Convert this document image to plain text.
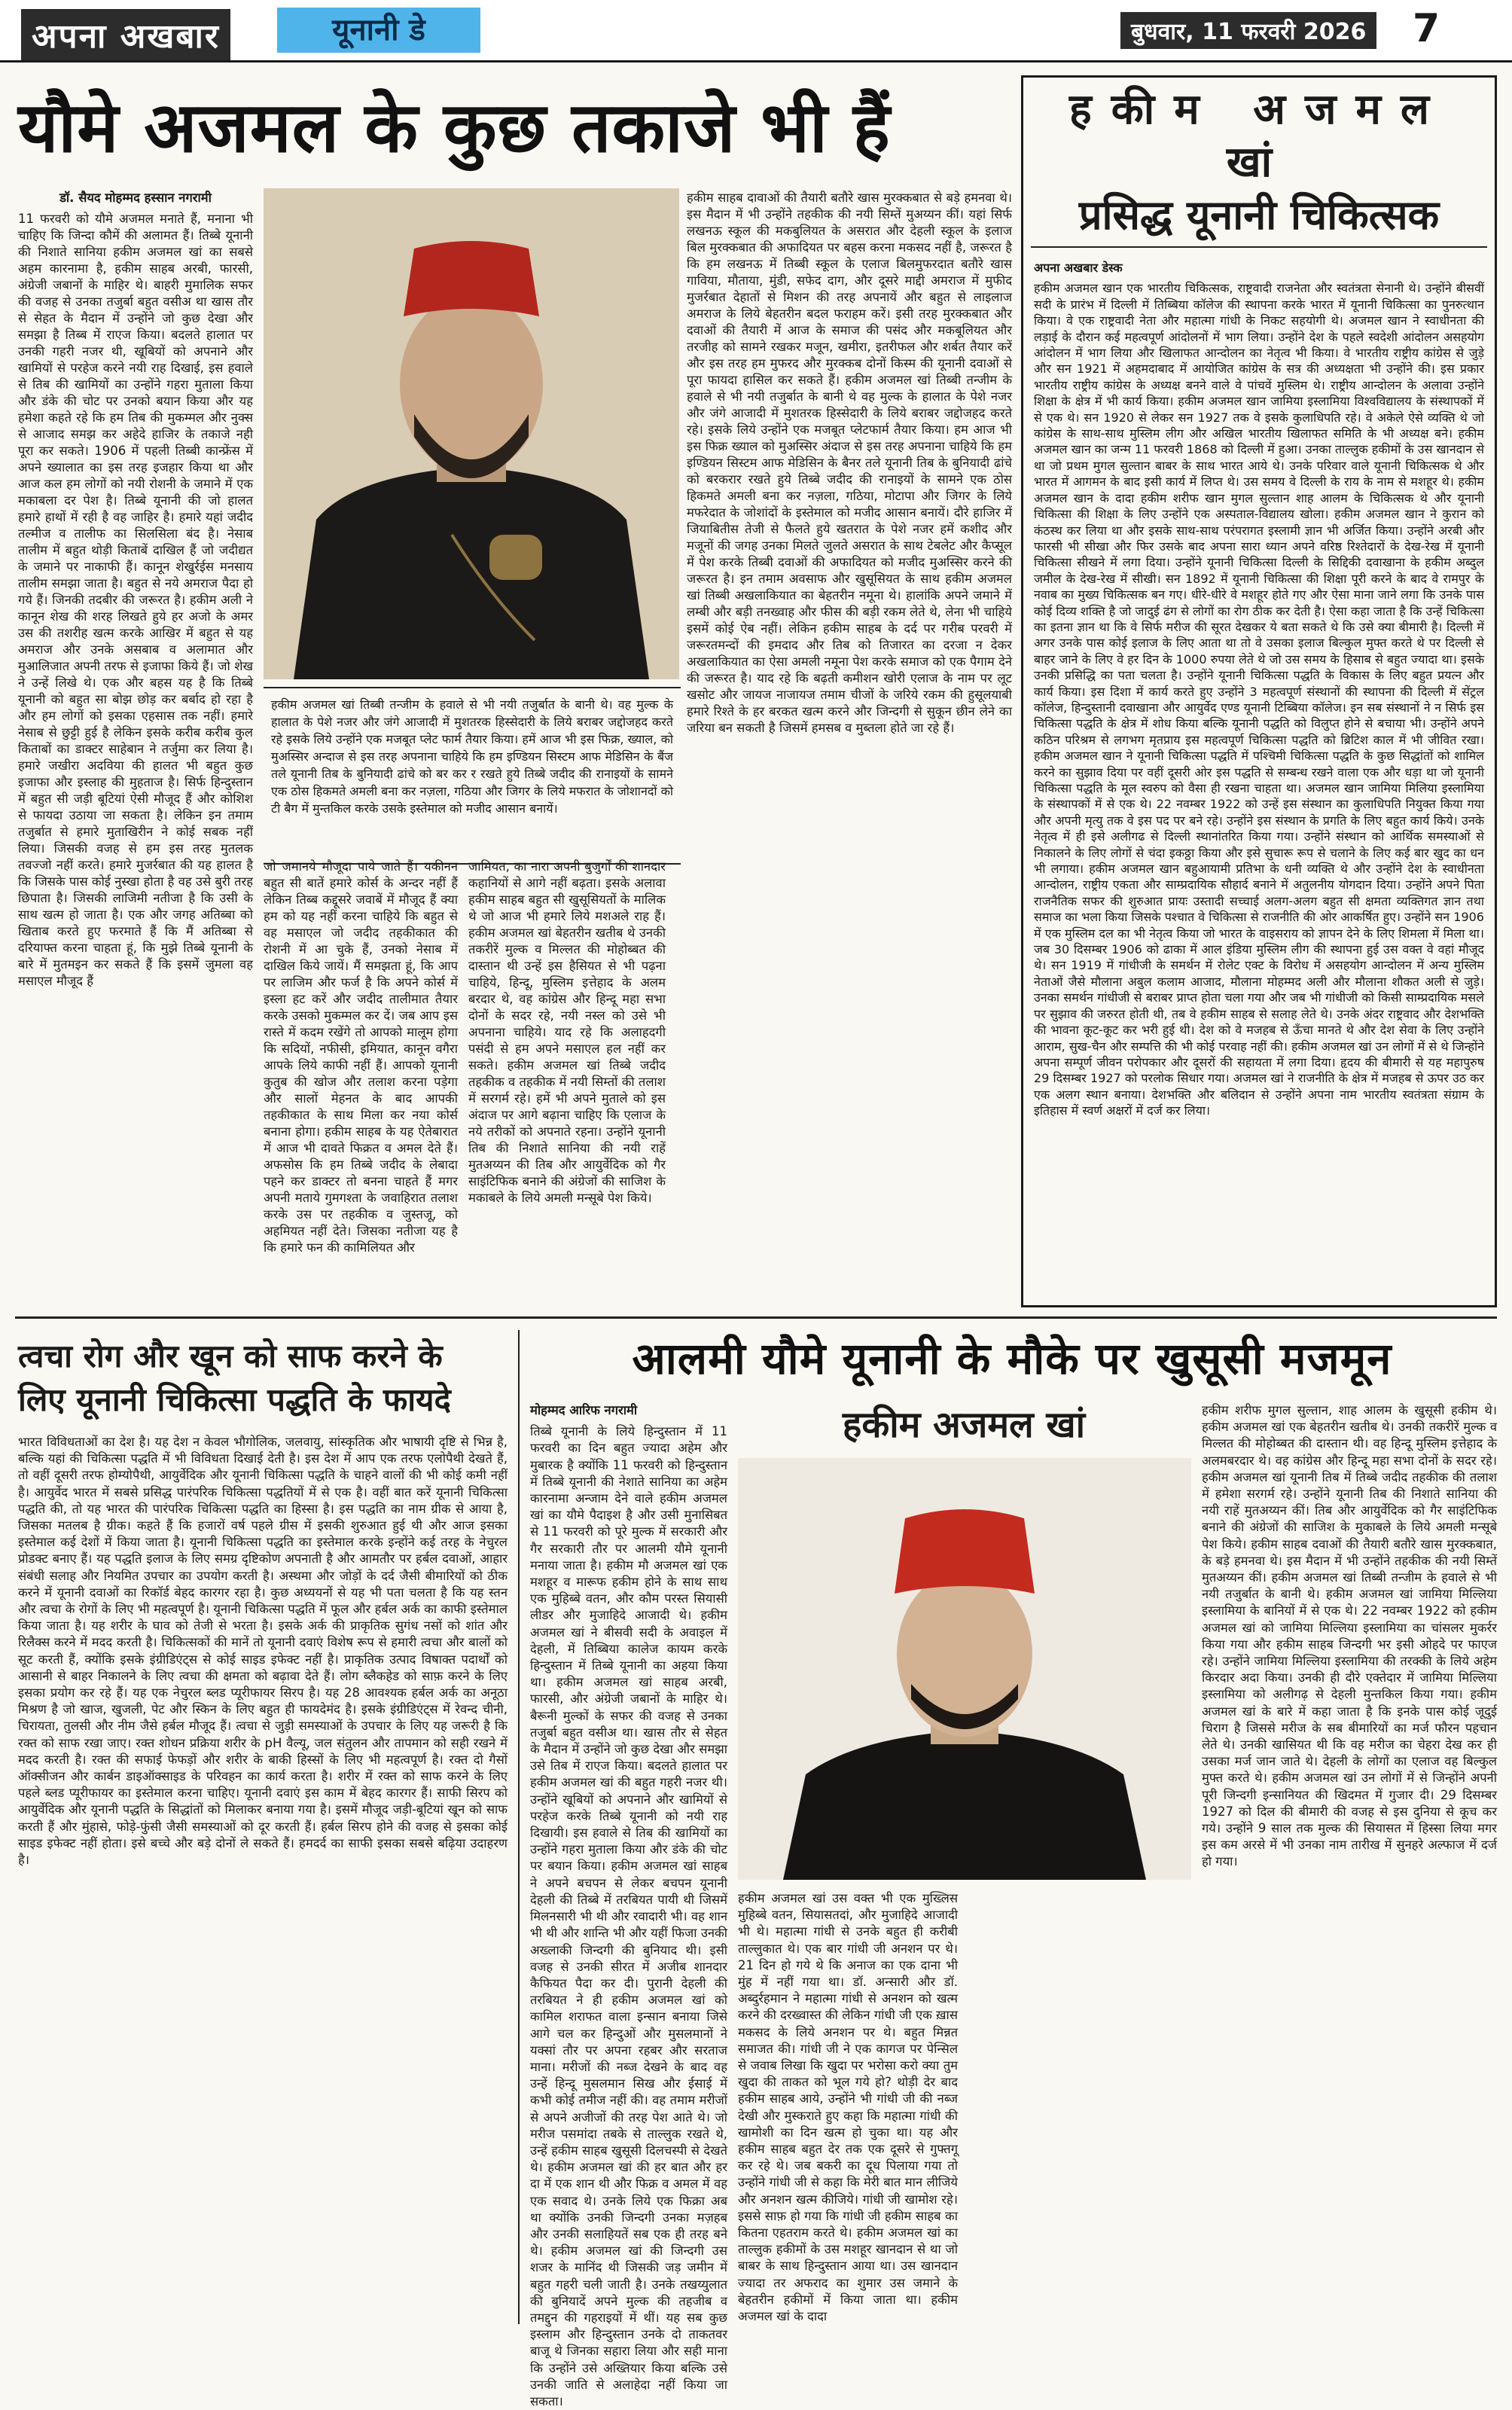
अपना अखबार	यूनानी डे	बुधवार, 11 फरवरी 2026 7
यौमे अजमल के कुछ तकाजे भी हैं

डॉ. सैयद मोहम्मद हस्सान नगरामी

11 फरवरी को यौमे अजमल मनाते हैं, मनाना भी चाहिए कि जिन्दा कौमें की अलामत हैं। तिब्बे यूनानी की निशाते सानिया हकीम अजमल खां का सबसे अहम कारनामा है, हकीम साहब अरबी, फारसी, अंग्रेजी जबानों के माहिर थे। बाहरी मुमालिक सफर की वजह से उनका तजुर्बा बहुत वसीअ था खास तौर से सेहत के मैदान में उन्होंने जो कुछ देखा और समझा है तिब्ब में राएज किया। बदलते हालात पर उनकी गहरी नजर थी, खूबियों को अपनाने और खामियों से परहेज करने नयी राह दिखाई, इस हवाले से तिब की खामियों का उन्होंने गहरा मुताला किया और डंके की चोट पर उनको बयान किया और यह हमेशा कहते रहे कि हम तिब की मुकम्मल और नुक्स से आजाद समझ कर अहेदे हाजिर के तकाजे नही पूरा कर सकते। 1906 में पहली तिब्बी कान्फ्रेंस में अपने ख्यालात का इस तरह इजहार किया था और आज कल हम लोगों को नयी रोशनी के जमाने में एक मकाबला दर पेश है। तिब्बे यूनानी की जो हालत हमारे हाथों में रही है वह जाहिर है। हमारे यहां जदीद तल्मीज व तालीफ का सिलसिला बंद है। नेसाब तालीम में बहुत थोड़ी किताबें दाखिल हैं जो जदीद्यत के जमाने पर नाकाफी हैं। कानून शेखुर्रईस मनसाय तालीम समझा जाता है। बहुत से नये अमराज पैदा हो गये हैं। जिनकी तदबीर की जरूरत है। हकीम अली ने कानून शेख की शरह लिखते हुये हर अजो के अमर उस की तशरीह खत्म करके आखिर में बहुत से यह अमराज और उनके असबाब व अलामात और मुआलिजात अपनी तरफ से इजाफा किये हैं। जो शेख ने उन्हें लिखे थे। एक और बहस यह है कि तिब्बे यूनानी को बहुत सा बोझ छोड़ कर बर्बाद हो रहा है और हम लोगों को इसका एहसास तक नहीं। हमारे नेसाब से छुट्टी हुई है लेकिन इसके करीब करीब कुल किताबों का डाक्टर साहेबान ने तर्जुमा कर लिया है। हमारे जखीरा अदविया की हालत भी बहुत कुछ इजाफा और इस्लाह की मुहताज है। सिर्फ हिन्दुस्तान में बहुत सी जड़ी बूटियां ऐसी मौजूद हैं और कोशिश से फायदा उठाया जा सकता है। लेकिन इन तमाम तजुर्बात से हमारे मुताखिरीन ने कोई सबक नहीं लिया। जिसकी वजह से हम इस तरह मुतलक तवज्जो नहीं करते। हमारे मुजर्रबात की यह हालत है कि जिसके पास कोई नुस्खा होता है वह उसे बुरी तरह छिपाता है। जिसकी लाजिमी नतीजा है कि उसी के साथ खत्म हो जाता है। एक और जगह अतिब्बा को खिताब करते हुए फरमाते हैं कि मैं अतिब्बा से दरियाफ्त करना चाहता हूं, कि मुझे तिब्बे यूनानी के बारे में मुतमइन कर सकते हैं कि इसमें जुमला वह मसाएल मौजूद हैं

हकीम अजमल खां तिब्बी तन्जीम के हवाले से भी नयी तजुर्बात के बानी थे। वह मुल्क के हालात के पेशे नजर और जंगे आजादी में मुशतरक हिस्सेदारी के लिये बराबर जद्दोजहद करते रहे इसके लिये उन्होंने एक मजबूत प्लेट फार्म तैयार किया। हमें आज भी इस फिक्र, ख्याल, को मुअस्सिर अन्दाज से इस तरह अपनाना चाहिये कि हम इण्डियन सिस्टम आफ मेडिसिन के बैंज तले यूनानी तिब के बुनियादी ढांचे को बर कर र रखते हुये तिब्बे जदीद की रानाइयों के सामने एक ठोस हिकमते अमली बना कर नज़ला, गठिया और जिगर के लिये मफरात के जोशानदों को टी बैग में मुन्तकिल करके उसके इस्तेमाल को मजीद आसान बनायें।

जो जमानये मौजूदा पाये जाते हैं। यकीनन बहुत सी बातें हमारे कोर्स के अन्दर नहीं हैं लेकिन तिब्ब कद्दूसरे जवाबें में मौजूद हैं क्या हम को यह नहीं करना चाहिये कि बहुत से वह मसाएल जो जदीद तहकीकात की रोशनी में आ चुके हैं, उनको नेसाब में दाखिल किये जायें। मैं समझता हूं, कि आप पर लाजिम और फर्ज है कि अपने कोर्स में इस्ला हट करें और जदीद तालीमात तैयार करके उसको मुकम्मल कर दें। जब आप इस रास्ते में कदम रखेंगे तो आपको मालूम होगा कि सदियों, नफीसी, इमियात, कानून वगैरा आपके लिये काफी नहीं हैं। आपको यूनानी कुतुब की खोज और तलाश करना पड़ेगा और सालों मेहनत के बाद आपकी तहकीकात के साथ मिला कर नया कोर्स बनाना होगा। हकीम साहब के यह ऐतेबारात में आज भी दावते फिक्रत व अमल देते हैं। अफसोस कि हम तिब्बे जदीद के लेबादा पहने कर डाक्टर तो बनना चाहते हैं मगर अपनी मताये गुमगश्ता के जवाहिरात तलाश करके उस पर तहकीक व जुस्तजू, को अहमियत नहीं देते। जिसका नतीजा यह है कि हमारे फन की कामिलियत और

जामियत, का नारा अपनी बुजुर्गों की शानदार कहानियों से आगे नहीं बढ़ता। इसके अलावा हकीम साहब बहुत सी खुसूसियतों के मालिक थे जो आज भी हमारे लिये मशअले राह हैं। हकीम अजमल खां बेहतरीन खतीब थे उनकी तकरीरें मुल्क व मिल्लत की मोहोब्बत की दास्तान थी उन्हें इस हैसियत से भी पढ़ना चाहिये, हिन्दू, मुस्लिम इत्तेहाद के अलम बरदार थे, वह कांग्रेस और हिन्दू महा सभा दोनों के सदर रहे, नयी नस्ल को उसे भी अपनाना चाहिये। याद रहे कि अलाहदगी पसंदी से हम अपने मसाएल हल नहीं कर सकते। हकीम अजमल खां तिब्बे जदीद तहकीक व तहकीक में नयी सिम्तों की तलाश में सरगर्म रहे। हमें भी अपने मुताले को इस अंदाज पर आगे बढ़ाना चाहिए कि एलाज के नये तरीकों को अपनाते रहना। उन्होंने यूनानी तिब की निशाते सानिया की नयी राहें मुतअय्यन की तिब और आयुर्वेदिक को गैर साइंटिफिक बनाने की अंग्रेजों की साजिश के मकाबले के लिये अमली मन्सूबे पेश किये।

हकीम साहब दावाओं की तैयारी बतौरे खास मुरक्कबात से बड़े हमनवा थे। इस मैदान में भी उन्होंने तहकीक की नयी सिम्तें मुअय्यन कीं। यहां सिर्फ लखनऊ स्कूल की मकबुलियत के असरात और देहली स्कूल के इलाज बिल मुरक्कबात की अफादियत पर बहस करना मकसद नहीं है, जरूरत है कि हम लखनऊ में तिब्बी स्कूल के एलाज बिलमुफरदात बतौरे खास गाविया, मौताया, मुंडी, सफेद दाग, और दूसरे माद्दी अमराज में मुफीद मुजर्रबात देहातों से मिशन की तरह अपनायें और बहुत से लाइलाज अमराज के लिये बेहतरीन बदल फराहम करें। इसी तरह मुरक्कबात और दवाओं की तैयारी में आज के समाज की पसंद और मकबूलियत और तरजीह को सामने रखकर मजून, खमीरा, इतरीफल और शर्बत तैयार करें और इस तरह हम मुफरद और मुरक्कब दोनों किस्म की यूनानी दवाओं से पूरा फायदा हासिल कर सकते हैं। हकीम अजमल खां तिब्बी तन्जीम के हवाले से भी नयी तजुर्बात के बानी थे वह मुल्क के हालात के पेशे नजर और जंगे आजादी में मुशतरक हिस्सेदारी के लिये बराबर जद्दोजहद करते रहे। इसके लिये उन्होंने एक मजबूत प्लेटफार्म तैयार किया। हम आज भी इस फिक्र ख्याल को मुअस्सिर अंदाज से इस तरह अपनाना चाहिये कि हम इण्डियन सिस्टम आफ मेडिसिन के बैनर तले यूनानी तिब के बुनियादी ढांचे को बरकरार रखते हुये तिब्बे जदीद की रानाइयों के सामने एक ठोस हिकमते अमली बना कर नज़ला, गठिया, मोटापा और जिगर के लिये मफरेदात के जोशांदों के इस्तेमाल को मजीद आसान बनायें। दौरे हाजिर में जियाबितीस तेजी से फैलते हुये खतरात के पेशे नजर हमें कशीद और मजूनों की जगह उनका मिलते जुलते असरात के साथ टेबलेट और कैप्सूल में पेश करके तिब्बी दवाओं की अफादियत को मजीद मुअस्सिर करने की जरूरत है। इन तमाम अवसाफ और खुसूसियत के साथ हकीम अजमल खां तिब्बी अखलाकियात का बेहतरीन नमूना थे। हालांकि अपने जमाने में लम्बी और बड़ी तनख्वाह और फीस की बड़ी रकम लेते थे, लेना भी चाहिये इसमें कोई ऐब नहीं। लेकिन हकीम साहब के दर्द पर गरीब परवरी में जरूरतमन्दों की इमदाद और तिब को तिजारत का दरजा न देकर अखलाकियात का ऐसा अमली नमूना पेश करके समाज को एक पैगाम देने की जरूरत है। याद रहे कि बढ़ती कमीशन खोरी एलाज के नाम पर लूट खसोट और जायज नाजायज तमाम चीजों के जरिये रकम की हुसूलयाबी हमारे रिश्ते के हर बरकत खत्म करने और जिन्दगी से सुकून छीन लेने का जरिया बन सकती है जिसमें हमसब व मुब्तला होते जा रहे हैं।

हकीम अजमल खां
प्रसिद्ध यूनानी चिकित्सक

अपना अखबार डेस्क

हकीम अजमल खान एक भारतीय चिकित्सक, राष्ट्रवादी राजनेता और स्वतंत्रता सेनानी थे। उन्होंने बीसवीं सदी के प्रारंभ में दिल्ली में तिब्बिया कॉलेज की स्थापना करके भारत में यूनानी चिकित्सा का पुनरुत्थान किया। वे एक राष्ट्रवादी नेता और महात्मा गांधी के निकट सहयोगी थे। अजमल खान ने स्वाधीनता की लड़ाई के दौरान कई महत्वपूर्ण आंदोलनों में भाग लिया। उन्होंने देश के पहले स्वदेशी आंदोलन असहयोग आंदोलन में भाग लिया और खिलाफत आन्दोलन का नेतृत्व भी किया। वे भारतीय राष्ट्रीय कांग्रेस से जुड़े और सन 1921 में अहमदाबाद में आयोजित कांग्रेस के सत्र की अध्यक्षता भी उन्होंने की। इस प्रकार भारतीय राष्ट्रीय कांग्रेस के अध्यक्ष बनने वाले वे पांचवें मुस्लिम थे। राष्ट्रीय आन्दोलन के अलावा उन्होंने शिक्षा के क्षेत्र में भी कार्य किया। हकीम अजमल खान जामिया इस्लामिया विश्वविद्यालय के संस्थापकों में से एक थे। सन 1920 से लेकर सन 1927 तक वे इसके कुलाधिपति रहे। वे अकेले ऐसे व्यक्ति थे जो कांग्रेस के साथ-साथ मुस्लिम लीग और अखिल भारतीय खिलाफत समिति के भी अध्यक्ष बने। हकीम अजमल खान का जन्म 11 फरवरी 1868 को दिल्ली में हुआ। उनका ताल्लुक हकीमों के उस खानदान से था जो प्रथम मुगल सुल्तान बाबर के साथ भारत आये थे। उनके परिवार वाले यूनानी चिकित्सक थे और भारत में आगमन के बाद इसी कार्य में लिप्त थे। उस समय वे दिल्ली के राय के नाम से मशहूर थे। हकीम अजमल खान के दादा हकीम शरीफ खान मुगल सुल्तान शाह आलम के चिकित्सक थे और यूनानी चिकित्सा की शिक्षा के लिए उन्होंने एक अस्पताल-विद्यालय खोला। हकीम अजमल खान ने कुरान को कंठस्थ कर लिया था और इसके साथ-साथ परंपरागत इस्लामी ज्ञान भी अर्जित किया। उन्होंने अरबी और फारसी भी सीखा और फिर उसके बाद अपना सारा ध्यान अपने वरिष्ठ रिश्तेदारों के देख-रेख में यूनानी चिकित्सा सीखने में लगा दिया। उन्होंने यूनानी चिकित्सा दिल्ली के सिद्दिकी दवाखाना के हकीम अब्दुल जमील के देख-रेख में सीखी। सन 1892 में यूनानी चिकित्सा की शिक्षा पूरी करने के बाद वे रामपुर के नवाब का मुख्य चिकित्सक बन गए। धीरे-धीरे वे मशहूर होते गए और ऐसा माना जाने लगा कि उनके पास कोई दिव्य शक्ति है जो जादुई ढंग से लोगों का रोग ठीक कर देती है। ऐसा कहा जाता है कि उन्हें चिकित्सा का इतना ज्ञान था कि वे सिर्फ मरीज की सूरत देखकर ये बता सकते थे कि उसे क्या बीमारी है। दिल्ली में अगर उनके पास कोई इलाज के लिए आता था तो वे उसका इलाज बिल्कुल मुफ्त करते थे पर दिल्ली से बाहर जाने के लिए वे हर दिन के 1000 रुपया लेते थे जो उस समय के हिसाब से बहुत ज्यादा था। इसके उनकी प्रसिद्धि का पता चलता है। उन्होंने यूनानी चिकित्सा पद्धति के विकास के लिए बहुत प्रयत्न और कार्य किया। इस दिशा में कार्य करते हुए उन्होंने 3 महत्वपूर्ण संस्थानों की स्थापना की दिल्ली में सेंट्रल कॉलेज, हिन्दुस्तानी दवाखाना और आयुर्वेद एण्ड यूनानी टिब्बिया कॉलेज। इन सब संस्थानों ने न सिर्फ इस चिकित्सा पद्धति के क्षेत्र में शोध किया बल्कि यूनानी पद्धति को विलुप्त होने से बचाया भी। उन्होंने अपने कठिन परिश्रम से लगभग मृतप्राय इस महत्वपूर्ण चिकित्सा पद्धति को ब्रिटिश काल में भी जीवित रखा। हकीम अजमल खान ने यूनानी चिकित्सा पद्धति में पश्चिमी चिकित्सा पद्धति के कुछ सिद्धांतों को शामिल करने का सुझाव दिया पर वहीं दूसरी ओर इस पद्धति से सम्बन्ध रखने वाला एक और धड़ा था जो यूनानी चिकित्सा पद्धति के मूल स्वरुप को वैसा ही रखना चाहता था। अजमल खान जामिया मिलिया इस्लामिया के संस्थापकों में से एक थे। 22 नवम्बर 1922 को उन्हें इस संस्थान का कुलाधिपति नियुक्त किया गया और अपनी मृत्यु तक वे इस पद पर बने रहे। उन्होंने इस संस्थान के प्रगति के लिए बहुत कार्य किये। उनके नेतृत्व में ही इसे अलीगढ से दिल्ली स्थानांतरित किया गया। उन्होंने संस्थान को आर्थिक समस्याओं से निकालने के लिए लोगों से चंदा इकठ्ठा किया और इसे सुचारू रूप से चलाने के लिए कई बार खुद का धन भी लगाया। हकीम अजमल खान बहुआयामी प्रतिभा के धनी व्यक्ति थे और उन्होंने देश के स्वाधीनता आन्दोलन, राष्ट्रीय एकता और साम्प्रदायिक सौहार्द बनाने में अतुलनीय योगदान दिया। उन्होंने अपने पिता राजनैतिक सफर की शुरुआत प्रायः उस्तादी सच्चाई अलग-अलग बहुत सी क्षमता व्यक्तिगत ज्ञान तथा समाज का भला किया जिसके पश्चात वे चिकित्सा से राजनीति की ओर आकर्षित हुए। उन्होंने सन 1906 में एक मुस्लिम दल का भी नेतृत्व किया जो भारत के वाइसराय को ज्ञापन देने के लिए शिमला में मिला था। जब 30 दिसम्बर 1906 को ढाका में आल इंडिया मुस्लिम लीग की स्थापना हुई उस वक्त वे वहां मौजूद थे। सन 1919 में गांधीजी के समर्थन में रोलेट एक्ट के विरोध में असहयोग आन्दोलन में अन्य मुस्लिम नेताओं जैसे मौलाना अबुल कलाम आजाद, मौलाना मोहम्मद अली और मौलाना शौकत अली से जुड़े। उनका समर्थन गांधीजी से बराबर प्राप्त होता चला गया और जब भी गांधीजी को किसी साम्प्रदायिक मसले पर सुझाव की जरुरत होती थी, तब वे हकीम साहब से सलाह लेते थे। उनके अंदर राष्ट्रवाद और देशभक्ति की भावना कूट-कूट कर भरी हुई थी। देश को वे मजहब से ऊँचा मानते थे और देश सेवा के लिए उन्होंने आराम, सुख-चैन और सम्पत्ति की भी कोई परवाह नहीं की। हकीम अजमल खां उन लोगों में से थे जिन्होंने अपना सम्पूर्ण जीवन परोपकार और दूसरों की सहायता में लगा दिया। हृदय की बीमारी से यह महापुरुष 29 दिसम्बर 1927 को परलोक सिधार गया। अजमल खां ने राजनीति के क्षेत्र में मजहब से ऊपर उठ कर एक अलग स्थान बनाया। देशभक्ति और बलिदान से उन्होंने अपना नाम भारतीय स्वतंत्रता संग्राम के इतिहास में स्वर्ण अक्षरों में दर्ज कर लिया।

त्वचा रोग और खून को साफ करने के
लिए यूनानी चिकित्सा पद्धति के फायदे

भारत विविधताओं का देश है। यह देश न केवल भौगोलिक, जलवायु, सांस्कृतिक और भाषायी दृष्टि से भिन्न है, बल्कि यहां की चिकित्सा पद्धति में भी विविधता दिखाई देती है। इस देश में आप एक तरफ एलोपैथी देखते हैं, तो वहीं दूसरी तरफ होम्योपैथी, आयुर्वेदिक और यूनानी चिकित्सा पद्धति के चाहने वालों की भी कोई कमी नहीं है। आयुर्वेद भारत में सबसे प्रसिद्ध पारंपरिक चिकित्सा पद्धतियों में से एक है। वहीं बात करें यूनानी चिकित्सा पद्धति की, तो यह भारत की पारंपरिक चिकित्सा पद्धति का हिस्सा है। इस पद्धति का नाम ग्रीक से आया है, जिसका मतलब है ग्रीक। कहते हैं कि हजारों वर्ष पहले ग्रीस में इसकी शुरुआत हुई थी और आज इसका इस्तेमाल कई देशों में किया जाता है। यूनानी चिकित्सा पद्धति का इस्तेमाल करके इन्होंने कई तरह के नेचुरल प्रोडक्ट बनाए हैं। यह पद्धति इलाज के लिए समग्र दृष्टिकोण अपनाती है और आमतौर पर हर्बल दवाओं, आहार संबंधी सलाह और नियमित उपचार का उपयोग करती है। अस्थमा और जोड़ों के दर्द जैसी बीमारियों को ठीक करने में यूनानी दवाओं का रिकॉर्ड बेहद कारगर रहा है। कुछ अध्ययनों से यह भी पता चलता है कि यह स्तन और त्वचा के रोगों के लिए भी महत्वपूर्ण है। यूनानी चिकित्सा पद्धति में फूल और हर्बल अर्क का काफी इस्तेमाल किया जाता है। यह शरीर के घाव को तेजी से भरता है। इसके अर्क की प्राकृतिक सुगंध नसों को शांत और रिलैक्स करने में मदद करती है। चिकित्सकों की मानें तो यूनानी दवाएं विशेष रूप से हमारी त्वचा और बालों को सूट करती हैं, क्योंकि इसके इंग्रीडिएंट्स से कोई साइड इफेक्ट नहीं है। प्राकृतिक उत्पाद विषाक्त पदार्थों को आसानी से बाहर निकालने के लिए त्वचा की क्षमता को बढ़ावा देते हैं। लोग ब्लैकहेड को साफ़ करने के लिए इसका प्रयोग कर रहे हैं। यह एक नेचुरल ब्लड प्यूरीफायर सिरप है। यह 28 आवश्यक हर्बल अर्क का अनूठा मिश्रण है जो खाज, खुजली, पेट और स्किन के लिए बहुत ही फायदेमंद है। इसके इंग्रीडिएंट्स में रेवन्द चीनी, चिरायता, तुलसी और नीम जैसे हर्बल मौजूद हैं। त्वचा से जुड़ी समस्याओं के उपचार के लिए यह जरूरी है कि रक्त को साफ रखा जाए। रक्त शोधन प्रक्रिया शरीर के pH वैल्यू, जल संतुलन और तापमान को सही रखने में मदद करती है। रक्त की सफाई फेफड़ों और शरीर के बाकी हिस्सों के लिए भी महत्वपूर्ण है। रक्त दो गैसों ऑक्सीजन और कार्बन डाइऑक्साइड के परिवहन का कार्य करता है। शरीर में रक्त को साफ करने के लिए पहले ब्लड प्यूरीफायर का इस्तेमाल करना चाहिए। यूनानी दवाएं इस काम में बेहद कारगर हैं। साफी सिरप को आयुर्वेदिक और यूनानी पद्धति के सिद्धांतों को मिलाकर बनाया गया है। इसमें मौजूद जड़ी-बूटियां खून को साफ करती हैं और मुंहासे, फोड़े-फुंसी जैसी समस्याओं को दूर करती हैं। हर्बल सिरप होने की वजह से इसका कोई साइड इफेक्ट नहीं होता। इसे बच्चे और बड़े दोनों ले सकते हैं। हमदर्द का साफी इसका सबसे बढ़िया उदाहरण है।

आलमी यौमे यूनानी के मौके पर खुसूसी मजमून
हकीम अजमल खां

मोहम्मद आरिफ नगरामी

तिब्बे यूनानी के लिये हिन्दुस्तान में 11 फरवरी का दिन बहुत ज्यादा अहेम और मुबारक है क्योंकि 11 फरवरी को हिन्दुस्तान में तिब्बे यूनानी की नेशाते सानिया का अहेम कारनामा अन्जाम देने वाले हकीम अजमल खां का यौमे पैदाइश है और उसी मुनासिबत से 11 फरवरी को पूरे मुल्क में सरकारी और गैर सरकारी तौर पर आलमी यौमे यूनानी मनाया जाता है। हकीम मौ अजमल खां एक मशहूर व मारूफ हकीम होने के साथ साथ एक मुहिब्बे वतन, और कौम परस्त सियासी लीडर और मुजाहिदे आजादी थे। हकीम अजमल खां ने बीसवी सदी के अवाइल में देहली, में तिब्बिया कालेज कायम करके हिन्दुस्तान में तिब्बे यूनानी का अहया किया था। हकीम अजमल खां साहब अरबी, फारसी, और अंग्रेजी जबानों के माहिर थे। बैरूनी मुल्कों के सफर की वजह से उनका तजुर्बा बहुत वसीअ था। खास तौर से सेहत के मैदान में उन्होंने जो कुछ देखा और समझा उसे तिब में राएज किया। बदलते हालात पर हकीम अजमल खां की बहुत गहरी नजर थी। उन्होंने खूबियों को अपनाने और खामियों से परहेज करके तिब्बे यूनानी को नयी राह दिखायी। इस हवाले से तिब की खामियों का उन्होंने गहरा मुताला किया और डंके की चोट पर बयान किया। हकीम अजमल खां साहब ने अपने बचपन से लेकर बचपन यूनानी देहली की तिब्बे में तरबियत पायी थी जिसमें मिलनसारी भी थी और रवादारी भी। वह शान भी थी और शान्ति भी और यहीं फिजा उनकी अख्लाकी जिन्दगी की बुनियाद थी। इसी वजह से उनकी सीरत में अजीब शानदार कैफियत पैदा कर दी। पुरानी देहली की तरबियत ने ही हकीम अजमल खां को कामिल शराफत वाला इन्सान बनाया जिसे आगे चल कर हिन्दुओं और मुसलमानों ने यक्सां तौर पर अपना रहबर और सरताज माना। मरीजों की नब्ज देखने के बाद वह उन्हें हिन्दू मुसलमान सिख और ईसाई में कभी कोई तमीज नहीं की। वह तमाम मरीजों से अपने अजीजों की तरह पेश आते थे। जो मरीज पसमांदा तबके से ताल्लुक रखते थे, उन्हें हकीम साहब खुसूसी दिलचस्पी से देखते थे। हकीम अजमल खां की हर बात और हर दा में एक शान थी और फिक्र व अमल में वह एक सवाद थे। उनके लिये एक फिक्रा अब था क्योंकि उनकी जिन्दगी उनका मज़हब और उनकी सलाहियतें सब एक ही तरह बने थे। हकीम अजमल खां की जिन्दगी उस शजर के मानिंद थी जिसकी जड़ जमीन में बहुत गहरी चली जाती है। उनके तखय्युलात की बुनियादें अपने मुल्क की तहजीब व तमद्दुन की गहराइयों में थीं। यह सब कुछ इस्लाम और हिन्दुस्तान उनके दो ताकतवर बाजू थे जिनका सहारा लिया और सही माना कि उन्होंने उसे अख्तियार किया बल्कि उसे उनकी जाति से अलाहेदा नहीं किया जा सकता।

हकीम अजमल खां उस वक्त भी एक मुख्लिस मुहिब्बे वतन, सियासतदां, और मुजाहिदे आजादी भी थे। महात्मा गांधी से उनके बहुत ही करीबी ताल्लुकात थे। एक बार गांधी जी अनशन पर थे। 21 दिन हो गये थे कि अनाज का एक दाना भी मुंह में नहीं गया था। डॉ. अन्सारी और डॉ. अब्दुर्रहमान ने महात्मा गांधी से अनशन को खत्म करने की दरख्वास्त की लेकिन गांधी जी एक ख़ास मकसद के लिये अनशन पर थे। बहुत मिन्नत समाजत की। गांधी जी ने एक कागज पर पेन्सिल से जवाब लिखा कि खुदा पर भरोसा करो क्या तुम खुदा की ताकत को भूल गये हो? थोड़ी देर बाद हकीम साहब आये, उन्होंने भी गांधी जी की नब्ज देखी और मुस्कराते हुए कहा कि महात्मा गांधी की खामोशी का दिन खत्म हो चुका था। यह और हकीम साहब बहुत देर तक एक दूसरे से गुफ्तगू कर रहे थे। जब बकरी का दूध पिलाया गया तो उन्होंने गांधी जी से कहा कि मेरी बात मान लीजिये और अनशन खत्म कीजिये। गांधी जी खामोश रहे। इससे साफ़ हो गया कि गांधी जी हकीम साहब का कितना एहतराम करते थे। हकीम अजमल खां का ताल्लुक हकीमों के उस मशहूर खानदान से था जो बाबर के साथ हिन्दुस्तान आया था। उस खानदान ज्यादा तर अफराद का शुमार उस जमाने के बेहतरीन हकीमों में किया जाता था। हकीम अजमल खां के दादा

हकीम शरीफ मुगल सुल्तान, शाह आलम के खुसूसी हकीम थे। हकीम अजमल खां एक बेहतरीन खतीब थे। उनकी तकरीरें मुल्क व मिल्लत की मोहोब्बत की दास्तान थी। वह हिन्दू मुस्लिम इत्तेहाद के अलमबरदार थे। वह कांग्रेस और हिन्दू महा सभा दोनों के सदर रहे। हकीम अजमल खां यूनानी तिब में तिब्बे जदीद तहकीक की तलाश में हमेशा सरगर्म रहे। उन्होंने यूनानी तिब की निशाते सानिया की नयी राहें मुतअय्यन कीं। तिब और आयुर्वेदिक को गैर साइंटिफिक बनाने की अंग्रेजों की साजिश के मुकाबले के लिये अमली मन्सूबे पेश किये। हकीम साहब दवाओं की तैयारी बतौरे खास मुरक्कबात, के बड़े हमनवा थे। इस मैदान में भी उन्होंने तहकीक की नयी सिम्तें मुतअय्यन कीं। हकीम अजमल खां तिब्बी तन्जीम के हवाले से भी नयी तजुर्बात के बानी थे। हकीम अजमल खां जामिया मिल्लिया इस्लामिया के बानियों में से एक थे। 22 नवम्बर 1922 को हकीम अजमल खां को जामिया मिल्लिया इस्लामिया का चांसलर मुकर्रर किया गया और हकीम साहब जिन्दगी भर इसी ओहदे पर फाएज रहे। उन्होंने जामिया मिल्लिया इस्लामिया की तरक्की के लिये अहेम किरदार अदा किया। उनकी ही दौरे एक्तेदार में जामिया मिल्लिया इस्लामिया को अलीगढ़ से देहली मुन्तकिल किया गया। हकीम अजमल खां के बारे में कहा जाता है कि इनके पास कोई जूदुई चिराग है जिससे मरीज के सब बीमारियों का मर्ज फौरन पहचान लेते थे। उनकी खासियत थी कि वह मरीज का चेहरा देख कर ही उसका मर्ज जान जाते थे। देहली के लोगों का एलाज वह बिल्कुल मुफ्त करते थे। हकीम अजमल खां उन लोगों में से जिन्होंने अपनी पूरी जिन्दगी इन्सानियत की खिदमत में गुजार दी। 29 दिसम्बर 1927 को दिल की बीमारी की वजह से इस दुनिया से कूच कर गये। उन्होंने 9 साल तक मुल्क की सियासत में हिस्सा लिया मगर इस कम अरसे में भी उनका नाम तारीख में सुनहरे अल्फाज में दर्ज हो गया।
